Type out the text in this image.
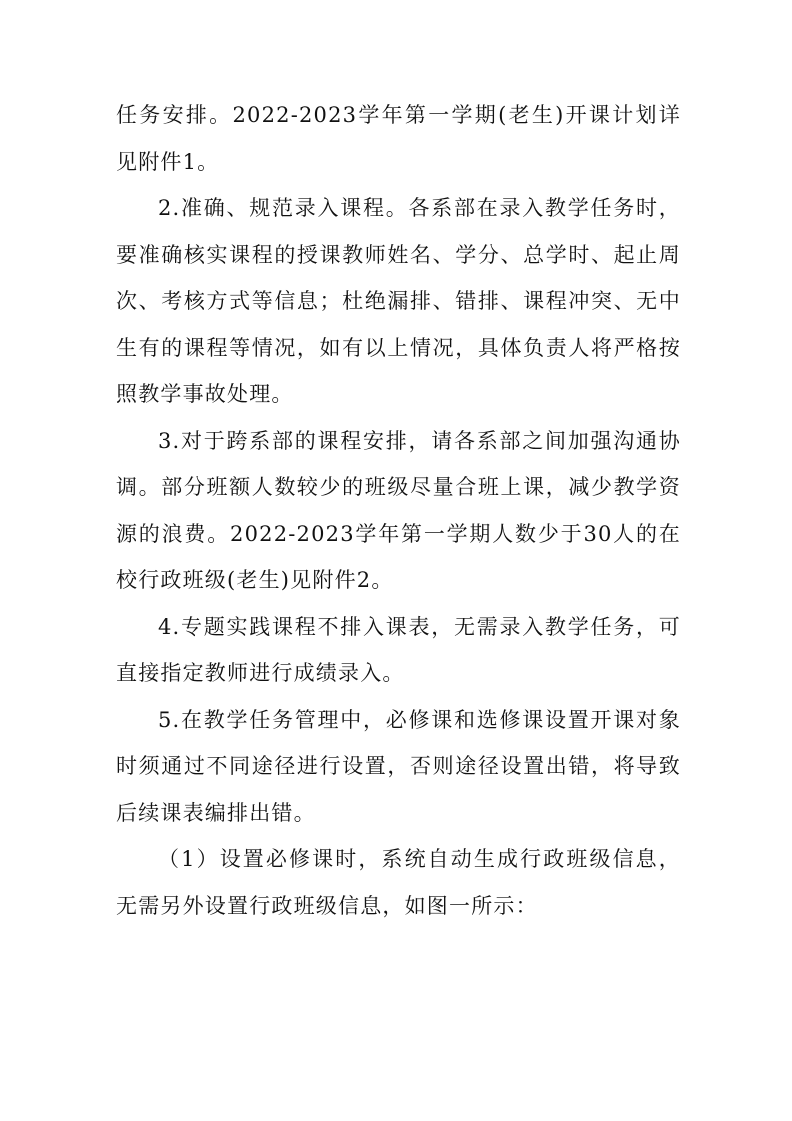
任务安排。2022-2023学年第一学期(老生)开课计划详见附件1。

2.准确、规范录入课程。各系部在录入教学任务时，要准确核实课程的授课教师姓名、学分、总学时、起止周次、考核方式等信息；杜绝漏排、错排、课程冲突、无中生有的课程等情况，如有以上情况，具体负责人将严格按照教学事故处理。

3.对于跨系部的课程安排，请各系部之间加强沟通协调。部分班额人数较少的班级尽量合班上课，减少教学资源的浪费。2022-2023学年第一学期人数少于30人的在校行政班级(老生)见附件2。

4.专题实践课程不排入课表，无需录入教学任务，可直接指定教师进行成绩录入。

5.在教学任务管理中，必修课和选修课设置开课对象时须通过不同途径进行设置，否则途径设置出错，将导致后续课表编排出错。

（1）设置必修课时，系统自动生成行政班级信息，无需另外设置行政班级信息，如图一所示：
